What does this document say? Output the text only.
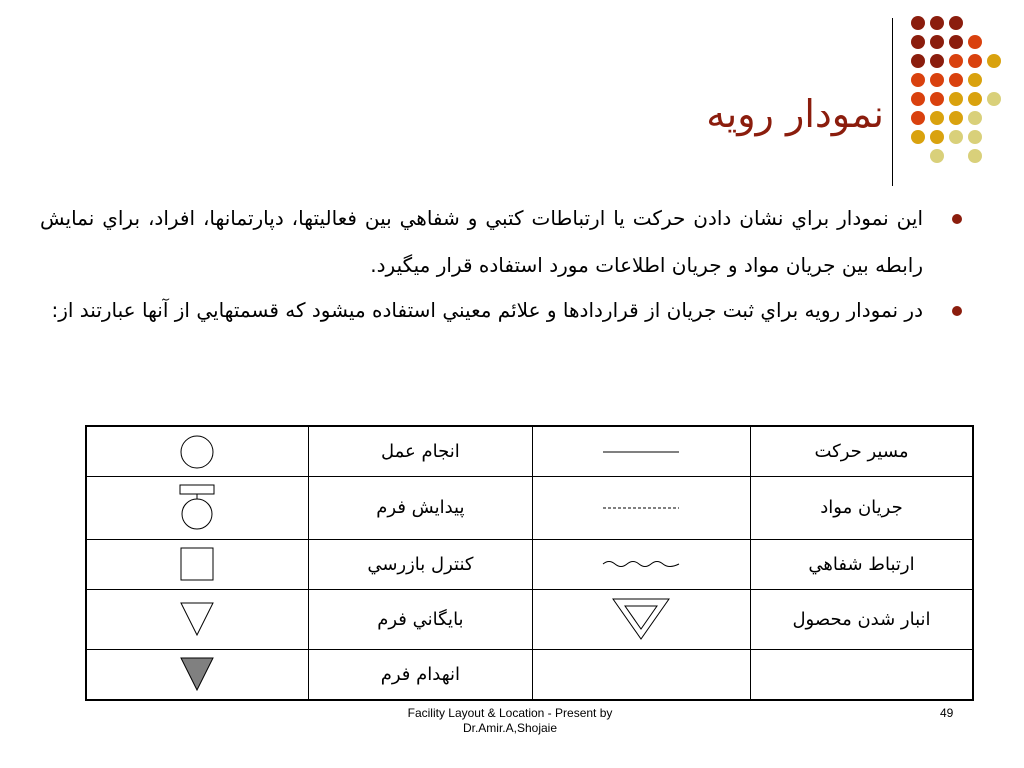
نمودار رويه
اين نمودار براي نشان دادن حركت يا ارتباطات كتبي و شفاهي بين فعاليتها، دپارتمانها، افراد، براي نمايش رابطه بين جريان مواد و جريان اطلاعات مورد استفاده قرار ميگيرد.
در نمودار رويه براي ثبت جريان از قراردادها و علائم معيني استفاده ميشود كه قسمتهايي از آنها عبارتند از:
مسير حركت		انجام عمل	

جريان مواد		پيدايش فرم	

ارتباط شفاهي		كنترل بازرسي	

انبار شدن محصول		بايگاني فرم	

		انهدام فرم	
Facility Layout & Location - Present by
Dr.Amir.A,Shojaie
49
